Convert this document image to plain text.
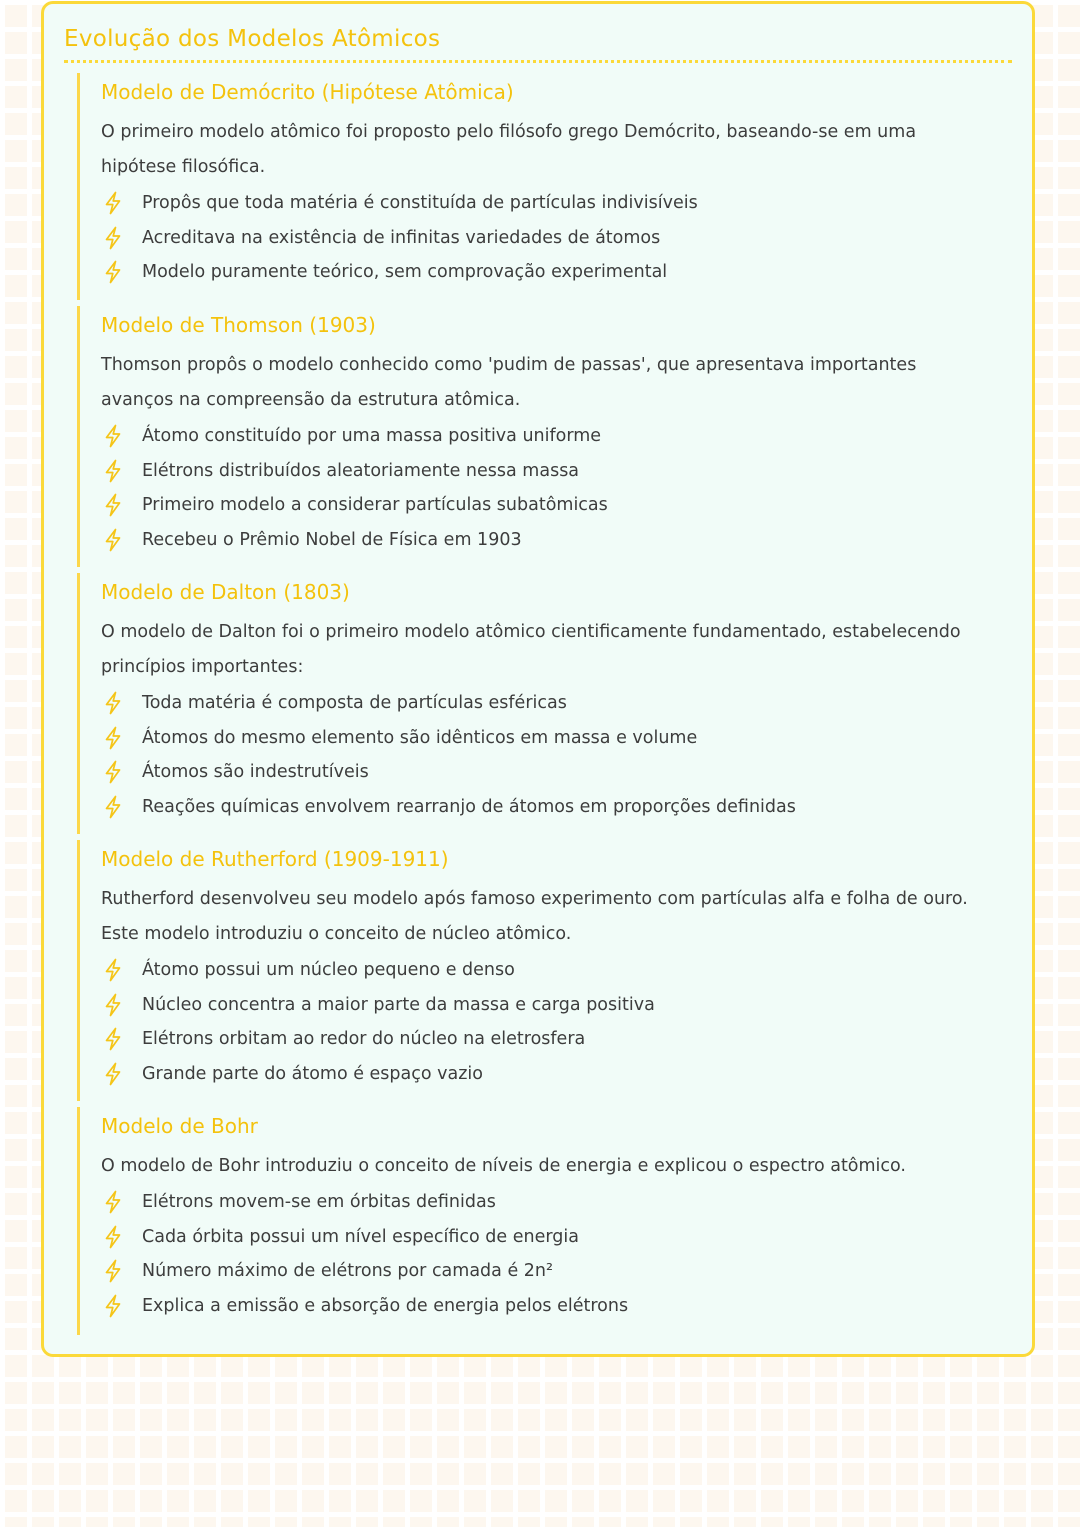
Evolução dos Modelos Atômicos
Modelo de Demócrito (Hipótese Atômica)

O primeiro modelo atômico foi proposto pelo filósofo grego Demócrito, baseando-se em uma hipótese filosófica.

Propôs que toda matéria é constituída de partículas indivisíveis
Acreditava na existência de infinitas variedades de átomos
Modelo puramente teórico, sem comprovação experimental
Modelo de Thomson (1903)

Thomson propôs o modelo conhecido como 'pudim de passas', que apresentava importantes avanços na compreensão da estrutura atômica.

Átomo constituído por uma massa positiva uniforme
Elétrons distribuídos aleatoriamente nessa massa
Primeiro modelo a considerar partículas subatômicas
Recebeu o Prêmio Nobel de Física em 1903
Modelo de Dalton (1803)

O modelo de Dalton foi o primeiro modelo atômico cientificamente fundamentado, estabelecendo princípios importantes:

Toda matéria é composta de partículas esféricas
Átomos do mesmo elemento são idênticos em massa e volume
Átomos são indestrutíveis
Reações químicas envolvem rearranjo de átomos em proporções definidas
Modelo de Rutherford (1909-1911)

Rutherford desenvolveu seu modelo após famoso experimento com partículas alfa e folha de ouro. Este modelo introduziu o conceito de núcleo atômico.

Átomo possui um núcleo pequeno e denso
Núcleo concentra a maior parte da massa e carga positiva
Elétrons orbitam ao redor do núcleo na eletrosfera
Grande parte do átomo é espaço vazio
Modelo de Bohr

O modelo de Bohr introduziu o conceito de níveis de energia e explicou o espectro atômico.

Elétrons movem-se em órbitas definidas
Cada órbita possui um nível específico de energia
Número máximo de elétrons por camada é 2n²
Explica a emissão e absorção de energia pelos elétrons
